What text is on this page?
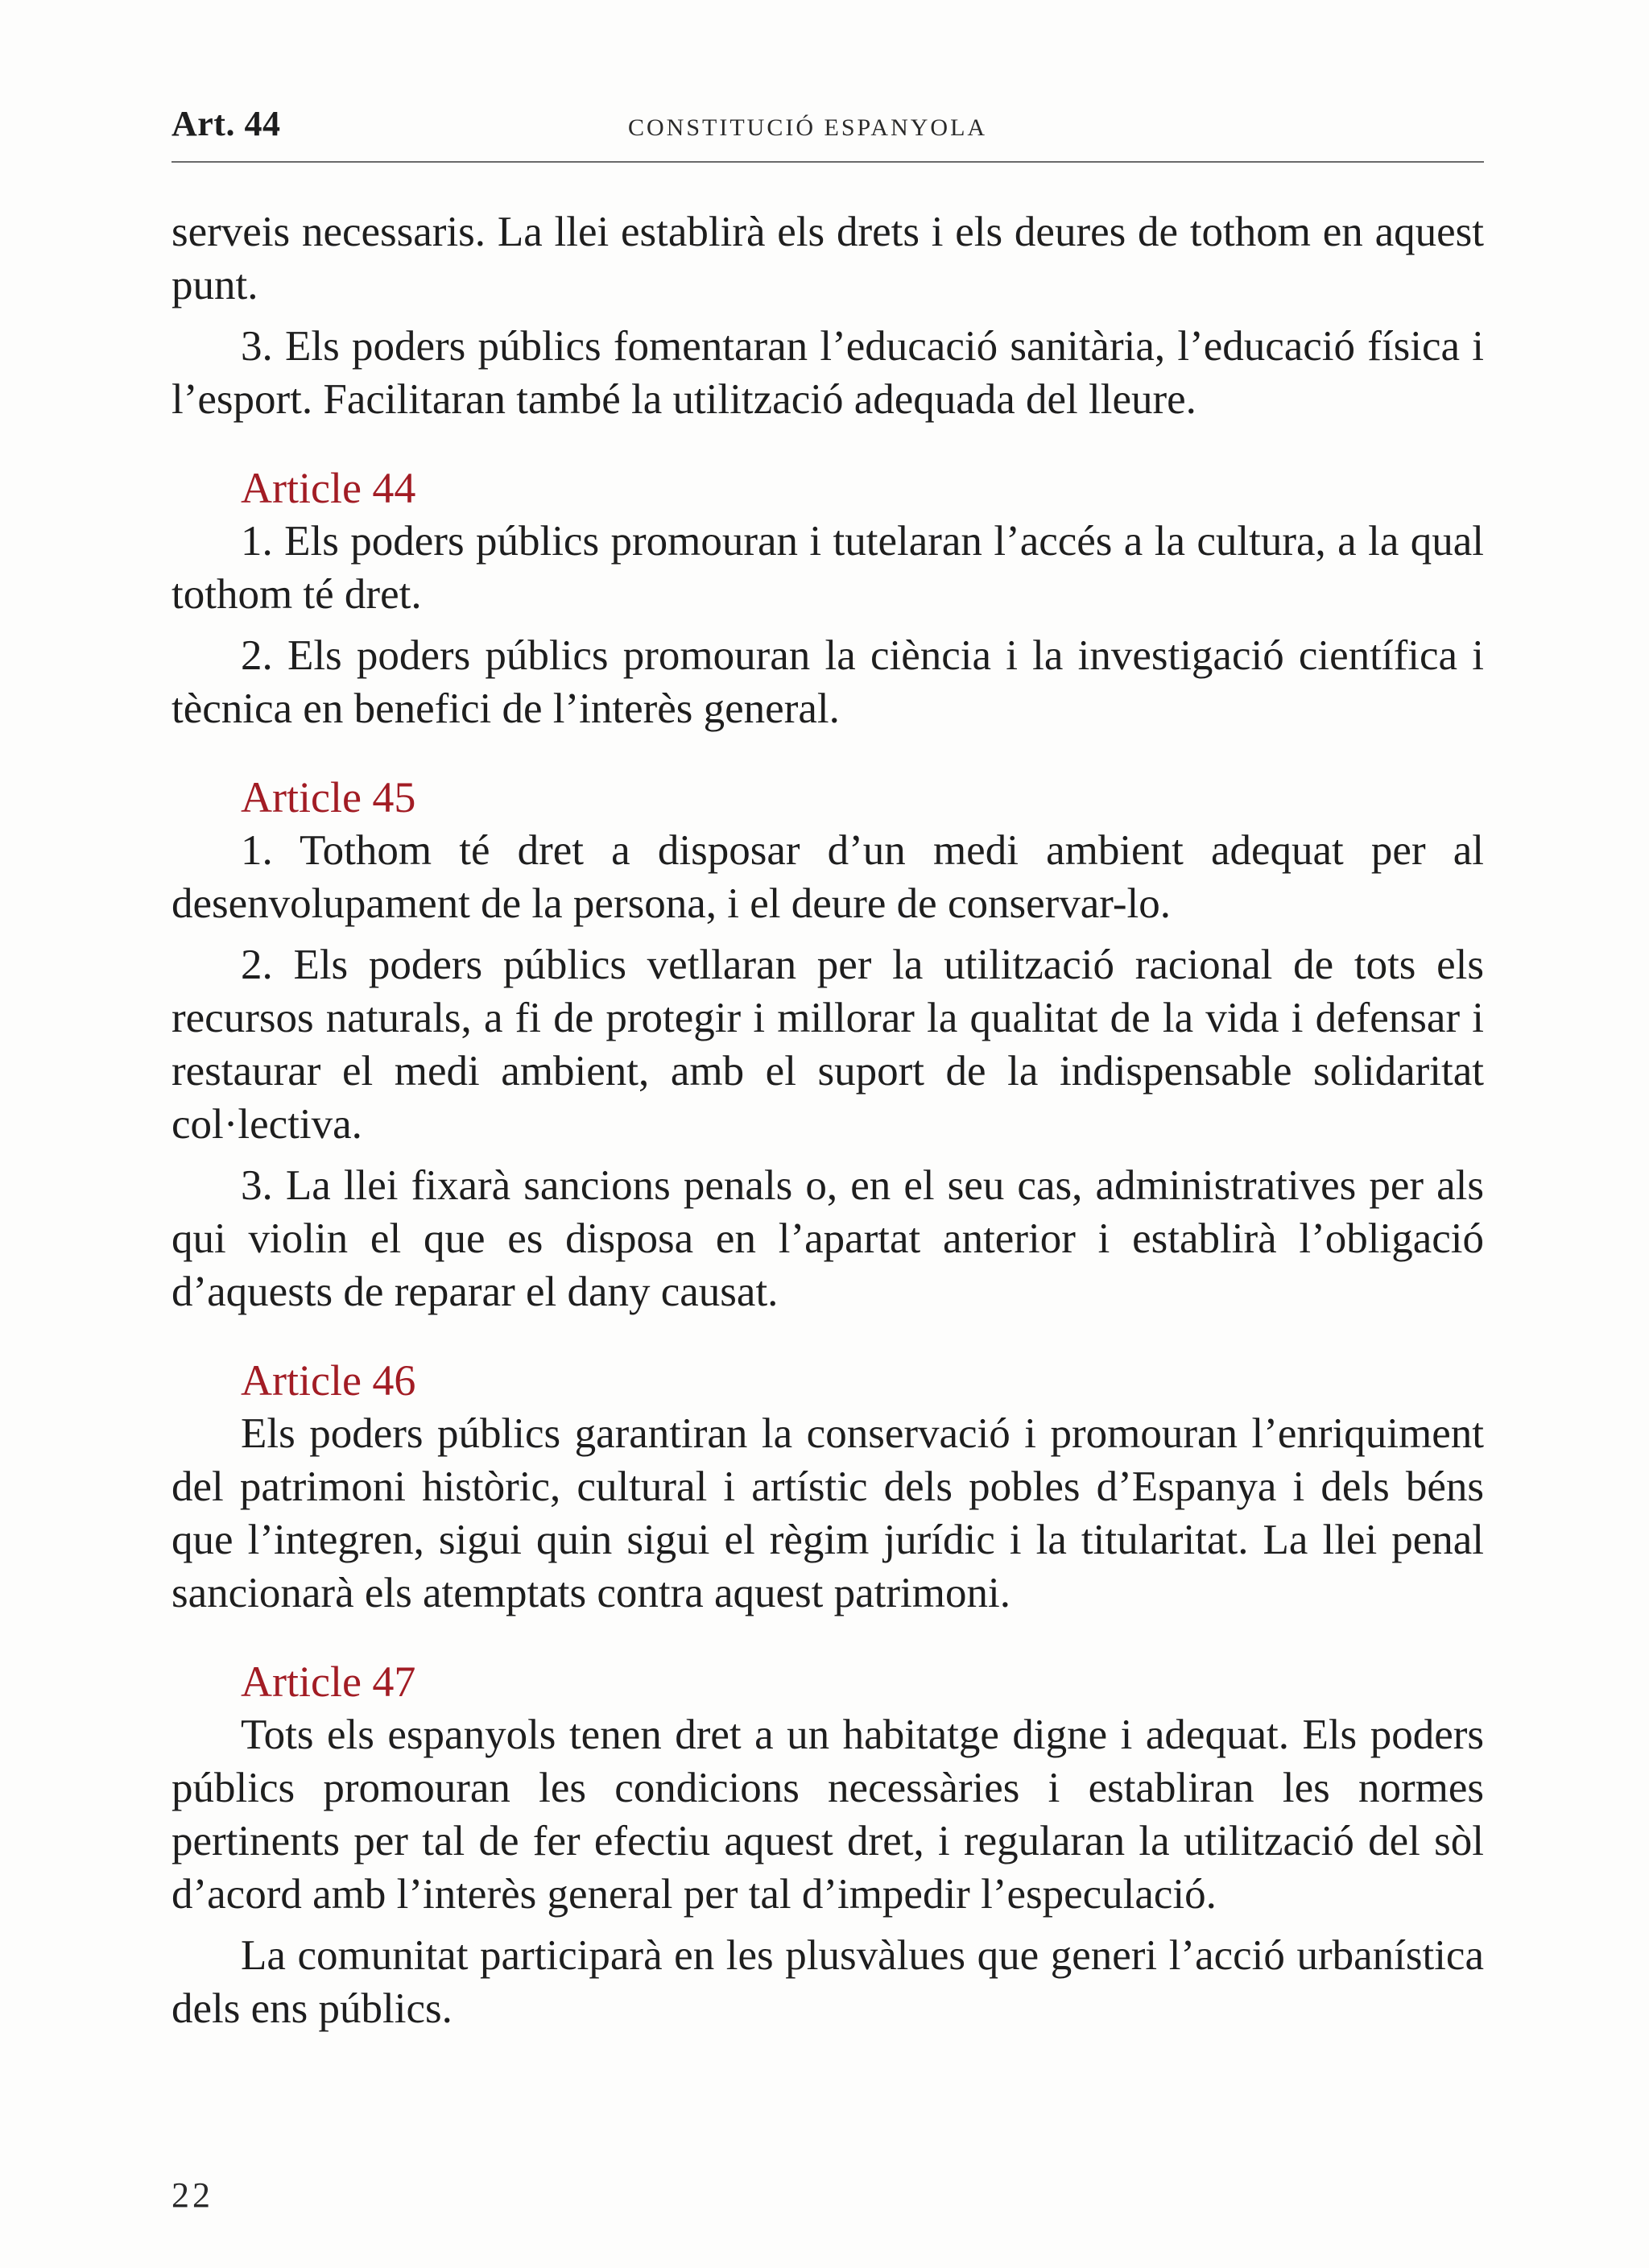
Art. 44	CONSTITUCIÓ ESPANYOLA

serveis necessaris. La llei establirà els drets i els deures de tothom en aquest punt.

3. Els poders públics fomentaran l’educació sanitària, l’educació física i l’esport. Facilitaran també la utilització adequada del lleure.

Article 44

1. Els poders públics promouran i tutelaran l’accés a la cultura, a la qual tothom té dret.

2. Els poders públics promouran la ciència i la investigació científica i tècnica en benefici de l’interès general.

Article 45

1. Tothom té dret a disposar d’un medi ambient adequat per al desenvolupament de la persona, i el deure de conservar-lo.

2. Els poders públics vetllaran per la utilització racional de tots els recursos naturals, a fi de protegir i millorar la qualitat de la vida i defensar i restaurar el medi ambient, amb el suport de la indispensable solidaritat col·lectiva.

3. La llei fixarà sancions penals o, en el seu cas, administratives per als qui violin el que es disposa en l’apartat anterior i establirà l’obligació d’aquests de reparar el dany causat.

Article 46

Els poders públics garantiran la conservació i promouran l’enriquiment del patrimoni històric, cultural i artístic dels pobles d’Espanya i dels béns que l’integren, sigui quin sigui el règim jurídic i la titularitat. La llei penal sancionarà els atemptats contra aquest patrimoni.

Article 47

Tots els espanyols tenen dret a un habitatge digne i adequat. Els poders públics promouran les condicions necessàries i establiran les normes pertinents per tal de fer efectiu aquest dret, i regularan la utilització del sòl d’acord amb l’interès general per tal d’impedir l’especulació.

La comunitat participarà en les plusvàlues que generi l’acció urbanística dels ens públics.

22
